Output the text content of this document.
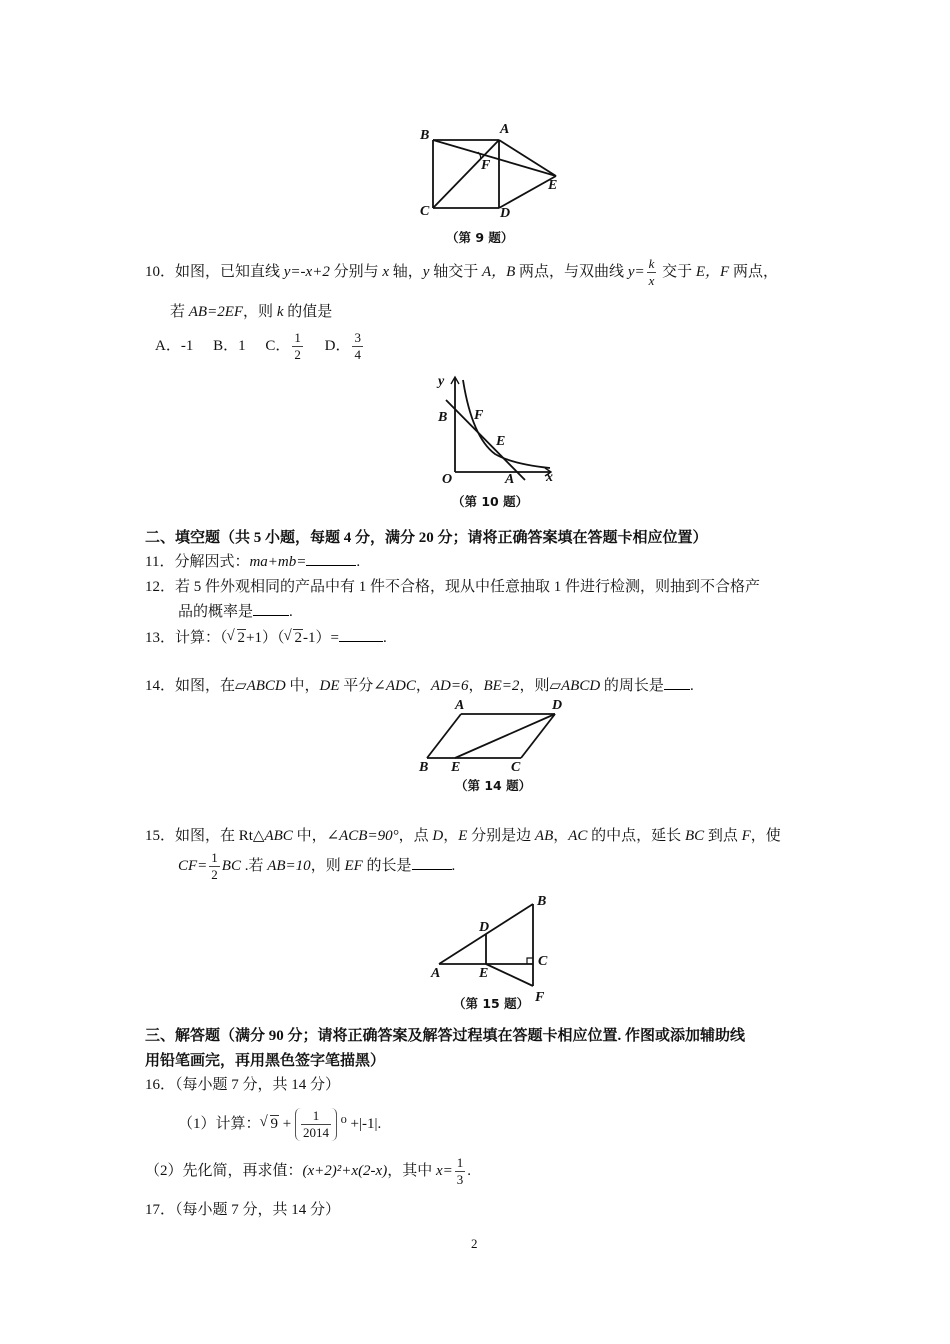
B	A
F
E
C	D
（第 9 题）
10．如图，已知直线 y=-x+2 分别与 x 轴，y 轴交于 A，B 两点，与双曲线 $y= \frac{k}{x}$ 交于 E，F 两点，
若 AB=2EF，则 k 的值是
A．-1 B．1 C． $\frac{1}{2}$ D． $\frac{3}{4}$
y
B F
E
O	A x
（第 10 题）
二、填空题（共 5 小题，每题 4 分，满分 20 分；请将正确答案填在答题卡相应位置）
11．分解因式：ma+mb=	.
12．若 5 件外观相同的产品中有 1 件不合格，现从中任意抽取 1 件进行检测，则抽到不合格产
品的概率是 .
13．计算：（ √ 2+1）（ √ 2-1）=	.
14．如图，在▱ABCD 中，DE 平分∠ADC，AD=6，BE=2，则▱ABCD 的周长是 .
A	D
B E	C
（第 14 题）
15．如图，在 Rt△ABC 中，∠ACB=90°，点 D，E 分别是边 AB，AC 的中点，延长 BC 到点 F，使
$CF= \frac{1}{2}$ BC .若 AB=10，则 EF 的长是	.
B
D
C
A	E
F
（第 15 题）
三、解答题（满分 90 分；请将正确答案及解答过程填在答题卡相应位置. 作图或添加辅助线
用铅笔画完，再用黑色签字笔描黑）
16．（每小题 7 分，共 14 分）
（1）计算： √ $9 + \frac{1}{2014} ^0 +|-1|$.
（2）先化简，再求值：(x+2)²+x(2-x)，其中 $x= \frac{1}{3}$ .
17．（每小题 7 分，共 14 分）
2
